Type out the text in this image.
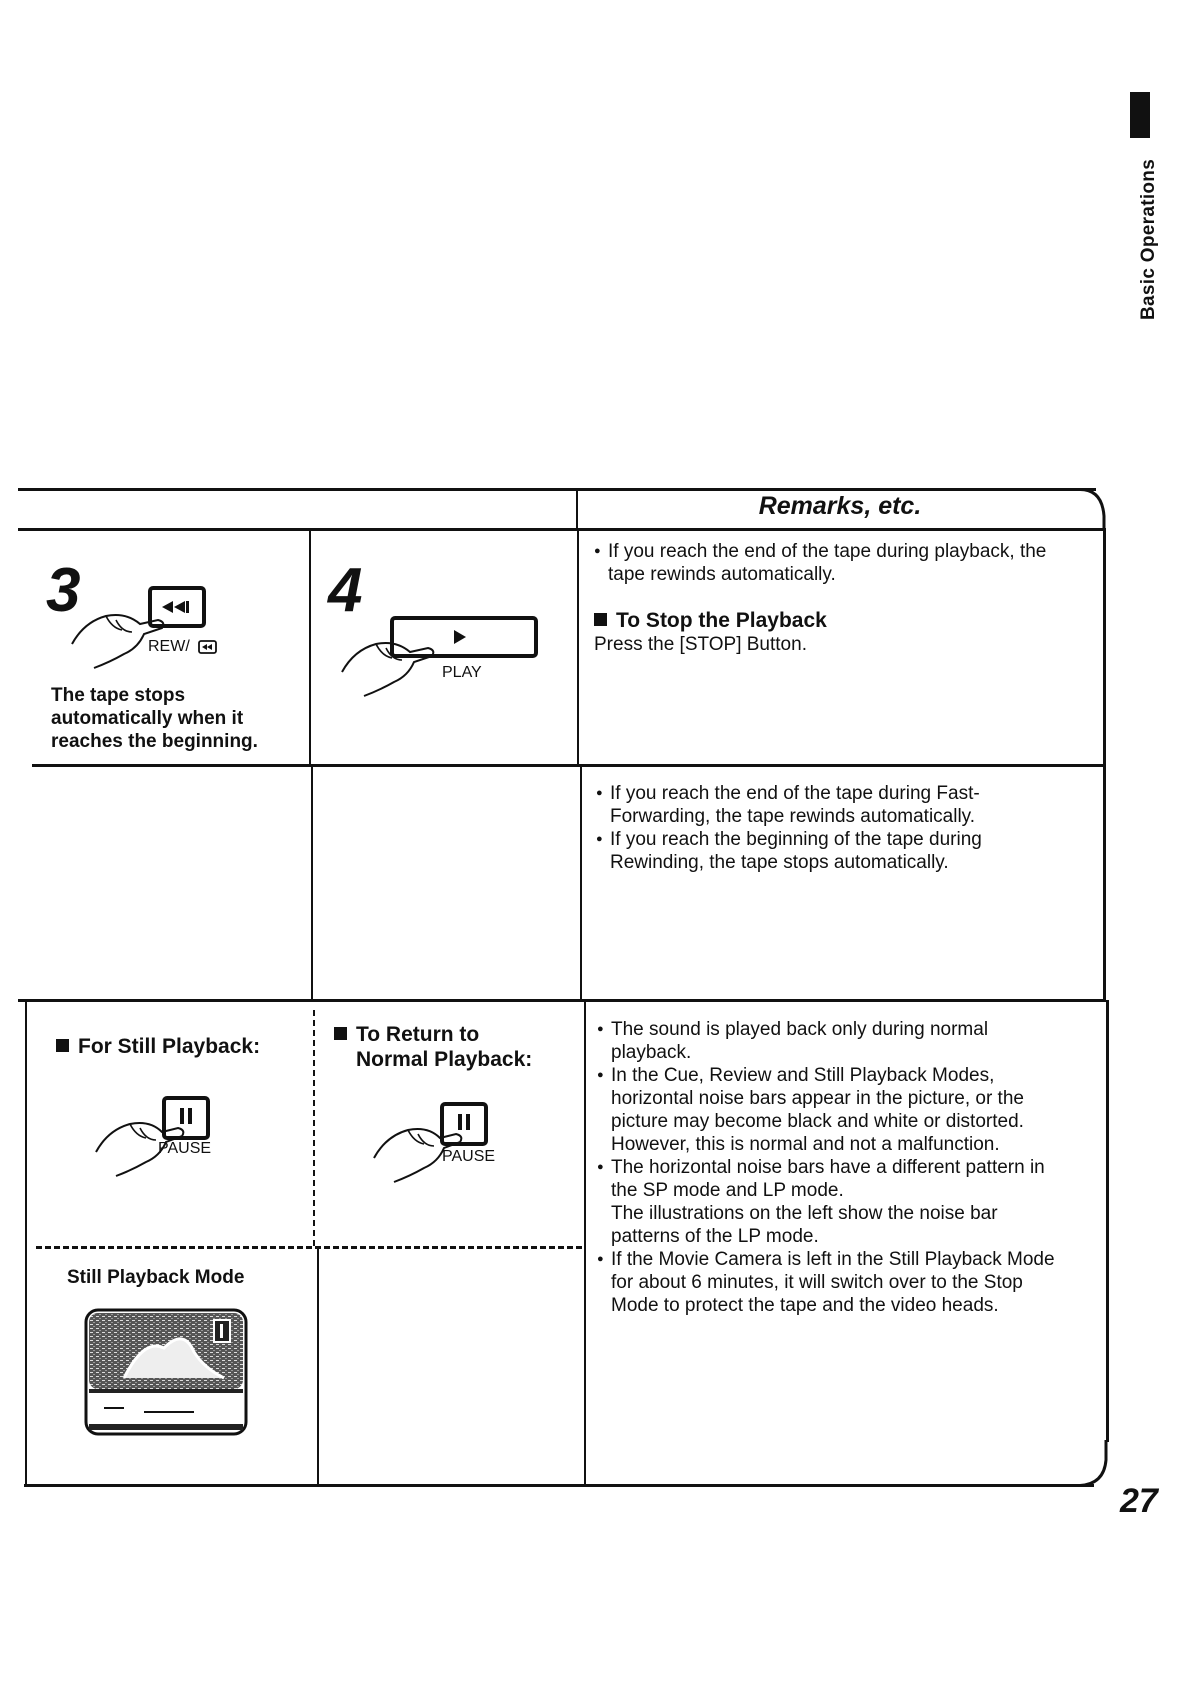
Basic Operations
Remarks, etc.
3
REW/
The tape stops
automatically when it
reaches the beginning.
4
PLAY
● If you reach the end of the tape during playback, the
tape rewinds automatically.
To Stop the Playback
Press the [STOP] Button.
● If you reach the end of the tape during Fast-
Forwarding, the tape rewinds automatically.
● If you reach the beginning of the tape during
Rewinding, the tape stops automatically.
For Still Playback:
PAUSE
Still Playback Mode
To Return to
Normal Playback:
PAUSE
● The sound is played back only during normal
playback.
● In the Cue, Review and Still Playback Modes,
horizontal noise bars appear in the picture, or the
picture may become black and white or distorted.
However, this is normal and not a malfunction.
● The horizontal noise bars have a different pattern in
the SP mode and LP mode.
The illustrations on the left show the noise bar
patterns of the LP mode.
● If the Movie Camera is left in the Still Playback Mode
for about 6 minutes, it will switch over to the Stop
Mode to protect the tape and the video heads.
27
